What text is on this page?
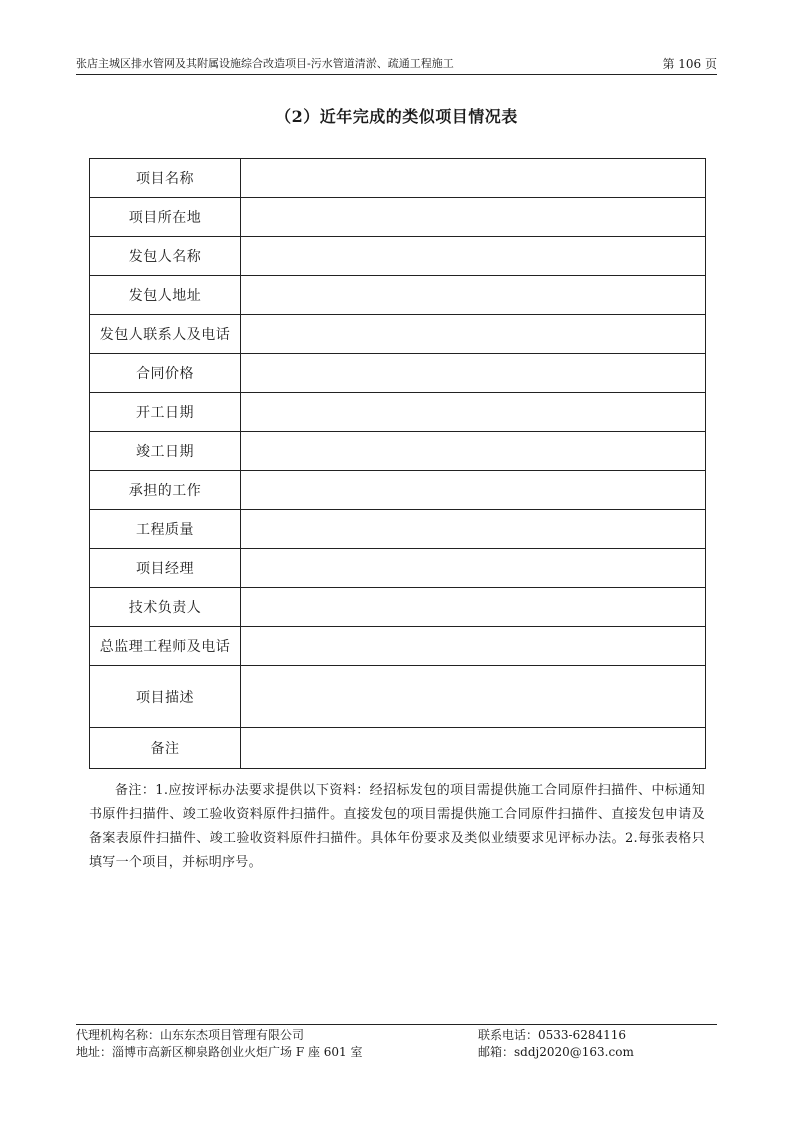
张店主城区排水管网及其附属设施综合改造项目-污水管道清淤、疏通工程施工	第 106 页
（2）近年完成的类似项目情况表
项目名称	
项目所在地	
发包人名称	
发包人地址	
发包人联系人及电话	
合同价格	
开工日期	
竣工日期	
承担的工作	
工程质量	
项目经理	
技术负责人	
总监理工程师及电话	
项目描述	
备注	
备注：1.应按评标办法要求提供以下资料：经招标发包的项目需提供施工合同原件扫描件、中标通知书原件扫描件、竣工验收资料原件扫描件。直接发包的项目需提供施工合同原件扫描件、直接发包申请及备案表原件扫描件、竣工验收资料原件扫描件。具体年份要求及类似业绩要求见评标办法。2.每张表格只填写一个项目，并标明序号。
代理机构名称：山东东杰项目管理有限公司
地址：淄博市高新区柳泉路创业火炬广场 F 座 601 室
联系电话：0533-6284116
邮箱：sddj2020@163.com
